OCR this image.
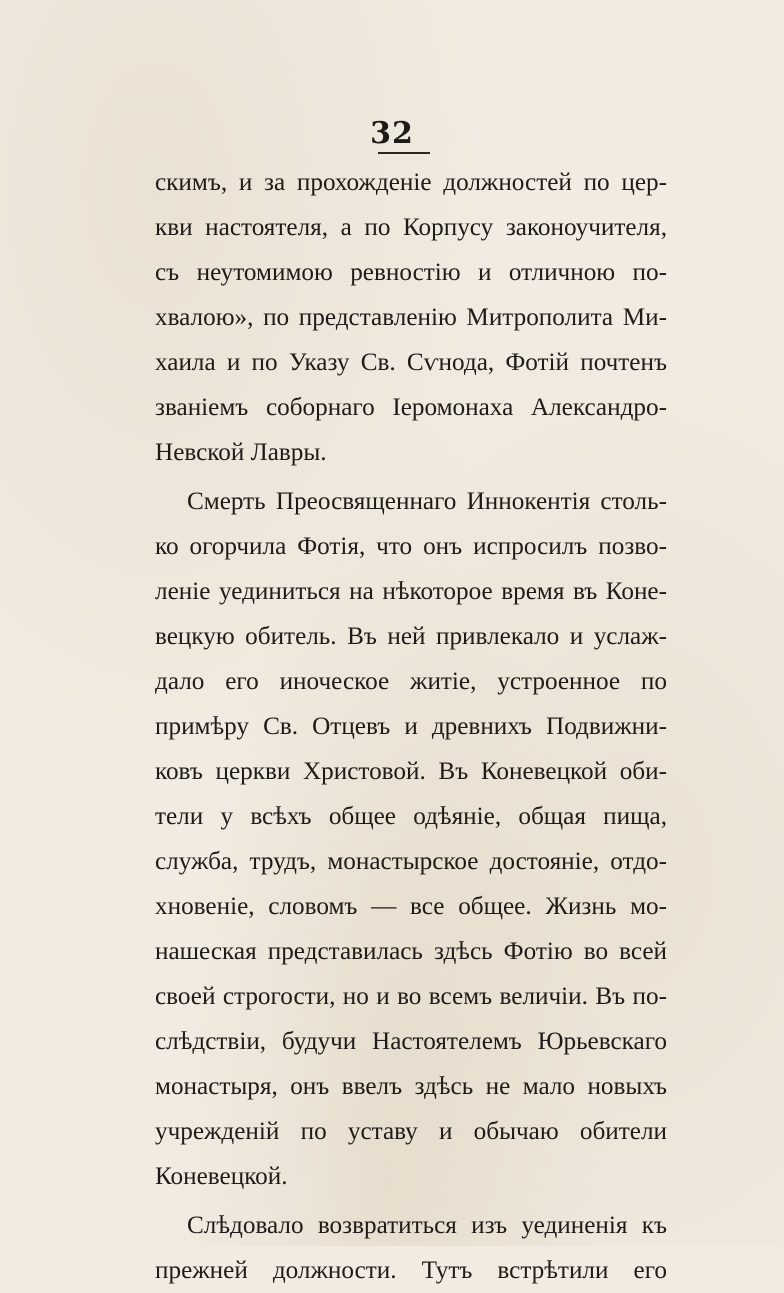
32
скимъ, и за прохожденіе должностей по цер-
кви настоятеля, а по Корпусу законоучителя,
съ неутомимою ревностію и отличною по-
хвалою», по представленію Митрополита Ми-
хаила и по Указу Св. Сѵнода, Фотій почтенъ
званіемъ соборнаго Іеромонаха Александро-
Невской Лавры.
Смерть Преосвященнаго Иннокентія столь-
ко огорчила Фотія, что онъ испросилъ позво-
леніе уединиться на нѣкоторое время въ Коне-
вецкую обитель. Въ ней привлекало и услаж-
дало его иноческое житіе, устроенное по
примѣру Св. Отцевъ и древнихъ Подвижни-
ковъ церкви Христовой. Въ Коневецкой оби-
тели у всѣхъ общее одѣяніе, общая пища,
служба, трудъ, монастырское достояніе, отдо-
хновеніе, словомъ — все общее. Жизнь мо-
нашеская представилась здѣсь Фотію во всей
своей строгости, но и во всемъ величіи. Въ по-
слѣдствіи, будучи Настоятелемъ Юрьевскаго
монастыря, онъ ввелъ здѣсь не мало новыхъ
учрежденій по уставу и обычаю обители
Коневецкой.
Слѣдовало возвратиться изъ уединенія къ
прежней должности. Тутъ встрѣтили его
